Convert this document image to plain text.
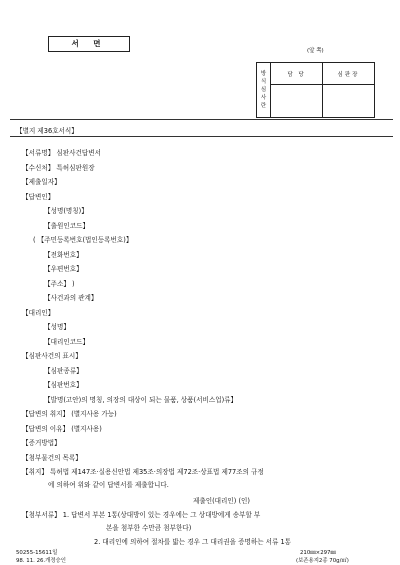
서 면
(앞 쪽)
방
식
심
사
란	담 당	심판장

【별지 제36호서식】
【서류명】 심판사건답변서
【수신처】 특허심판원장
【제출일자】
【답변인】
【성명(명칭)】
【출원인코드】
( 【주민등록번호(법인등록번호)】
【전화번호】
【우편번호】
【주소】 )
【사건과의 관계】
【대리인】
【성명】
【대리인코드】
【심판사건의 표시】
【심판종류】
【심판번호】
【발명(고안)의 명칭, 의장의 대상이 되는 물품, 상품(서비스업)류】
【답변의 취지】 (별지사용 가능)
【답변의 이유】 (별지사용)
【증거방법】
【첨부물건의 목록】
【취지】 특허법 제147조·실용신안법 제35조·의장법 제72조·상표법 제77조의 규정
에 의하여 위와 같이 답변서를 제출합니다.
제출인(대리인) (인)
【첨부서류】 1. 답변서 부본 1통(상대방이 있는 경우에는 그 상대방에게 송부할 부
본을 첨부한 수만큼 첨부한다)
2. 대리인에 의하여 절차를 밟는 경우 그 대리권을 증명하는 서류 1통
50255-15611일
98. 11. 26.개정승인
210㎜×297㎜
(보존용지2종 70g/㎡)
